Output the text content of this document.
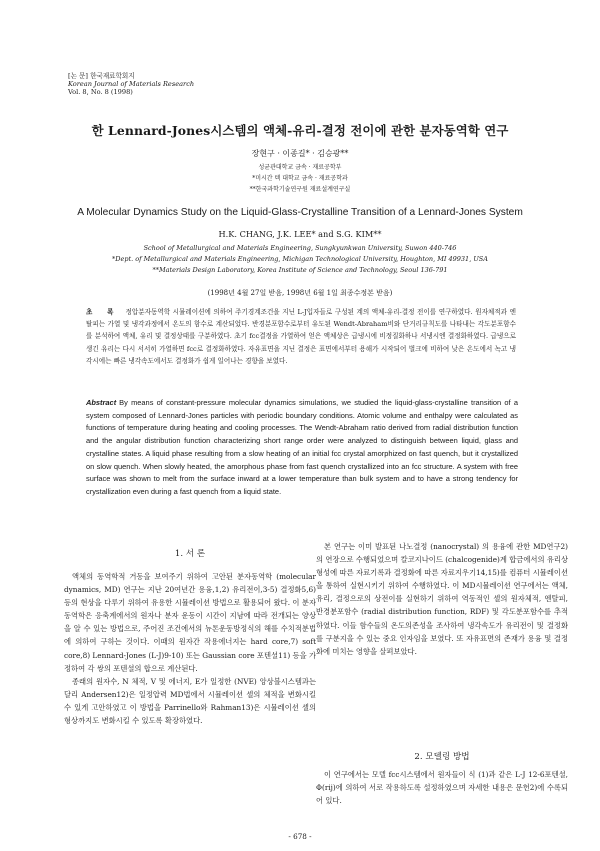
[논 문] 한국재료학회지
Korean Journal of Materials Research
Vol. 8, No. 8 (1998)
한 Lennard-Jones시스템의 액체-유리-결정 전이에 관한 분자동역학 연구
장현구 · 이종길* · 김승광**
성균관대학교 금속 · 재료공학부
*미시간 텍 대학교 금속 · 재료공학과
**한국과학기술연구원 재료설계연구실
A Molecular Dynamics Study on the Liquid-Glass-Crystalline Transition of a Lennard-Jones System
H.K. CHANG, J.K. LEE* and S.G. KIM**
School of Metallurgical and Materials Engineering, Sungkyunkwan University, Suwon 440-746
*Dept. of Metallurgical and Materials Engineering, Michigan Technological University, Houghton, MI 49931, USA
**Materials Design Laboratory, Korea Institute of Science and Technology, Seoul 136-791
(1998년 4월 27일 받음, 1998년 6월 1일 최종수정본 받음)
초 록 정압분자동역학 시뮬레이션에 의하여 주기경계조건을 지닌 L-J입자들로 구성된 계의 액체-유리-결정 전이를 연구하였다. 원자체적과 엔탈피는 가열 및 냉각과정에서 온도의 함수로 계산되었다. 반경분포함수로부터 유도된 Wendt-Abraham비와 단거리규칙도를 나타내는 각도분포함수를 분석하여 액체, 유리 및 결정상태를 구분하였다. 초기 fcc결정을 가열하여 얻은 액체상은 급냉시에 비정질화하나 서냉시엔 결정화하였다. 급냉으로 생긴 유리는 다시 서서히 가열하면 fcc로 결정화하였다. 자유표면을 지닌 결정은 표면에서부터 용해가 시작되어 벌크에 비하여 낮은 온도에서 녹고 냉각시에는 빠른 냉각속도에서도 결정화가 쉽게 일어나는 경향을 보였다.
Abstract By means of constant-pressure molecular dynamics simulations, we studied the liquid-glass-crystalline transition of a system composed of Lennard-Jones particles with periodic boundary conditions. Atomic volume and enthalpy were calculated as functions of temperature during heating and cooling processes. The Wendt-Abraham ratio derived from radial distribution function and the angular distribution function characterizing short range order were analyzed to distinguish between liquid, glass and crystalline states. A liquid phase resulting from a slow heating of an initial fcc crystal amorphized on fast quench, but it crystallized on slow quench. When slowly heated, the amorphous phase from fast quench crystallized into an fcc structure. A system with free surface was shown to melt from the surface inward at a lower temperature than bulk system and to have a strong tendency for crystallization even during a fast quench from a liquid state.
1. 서 론

액체의 동역학적 거동을 보여주기 위하여 고안된 분자동역학 (molecular dynamics, MD) 연구는 지난 20여년간 용융,1,2) 유리전이,3-5) 결정화5,6) 등의 현상을 다루기 위하여 유용한 시뮬레이션 방법으로 활용되어 왔다. 이 분자동역학은 응축계에서의 원자나 분자 운동이 시간이 지남에 따라 전개되는 양상을 알 수 있는 방법으로, 주어진 조건에서의 뉴톤운동방정식의 해를 수치적분법에 의하여 구하는 것이다. 이때의 원자간 작용에너지는 hard core,7) soft core,8) Lennard-Jones (L-J)9-10) 또는 Gaussian core 포텐셜11) 등을 가정하여 각 쌍의 포텐셜의 합으로 계산된다.

종래의 원자수, N 체적, V 및 에너지, E가 일정한 (NVE) 앙상블시스템과는 달리 Andersen12)은 일정압력 MD법에서 시뮬레이션 셀의 체적을 변화시킬 수 있게 고안하였고 이 방법을 Parrinello와 Rahman13)은 시뮬레이션 셀의 형상까지도 변화시킬 수 있도록 확장하였다.

본 연구는 이미 발표된 나노결정 (nanocrystal) 의 용융에 관한 MD연구2)의 연장으로 수행되었으며 칼코지나이드 (chalcogenide)계 합금에서의 유리상형성에 따른 자료기록과 결정화에 따른 자료지우기14,15)를 컴퓨터 시뮬레이션을 통하여 실현시키기 위하여 수행하였다. 이 MD시뮬레이션 연구에서는 액체, 유리, 결정으로의 상전이를 실현하기 위하여 역동적인 셀의 원자체적, 엔탈피, 반경분포함수 (radial distribution function, RDF) 및 각도분포함수를 추적하였다. 이들 함수들의 온도의존성을 조사하여 냉각속도가 유리전이 및 결정화를 구분지을 수 있는 중요 인자임을 보였다. 또 자유표면의 존재가 용융 및 결정화에 미치는 영향을 살펴보았다.

2. 모델링 방법

이 연구에서는 모델 fcc시스템에서 원자들이 식 (1)과 같은 L-J 12-6포텐셜, Φ(rij)에 의하여 서로 작용하도록 설정하였으며 자세한 내용은 문헌2)에 수록되어 있다.

- 678 -
